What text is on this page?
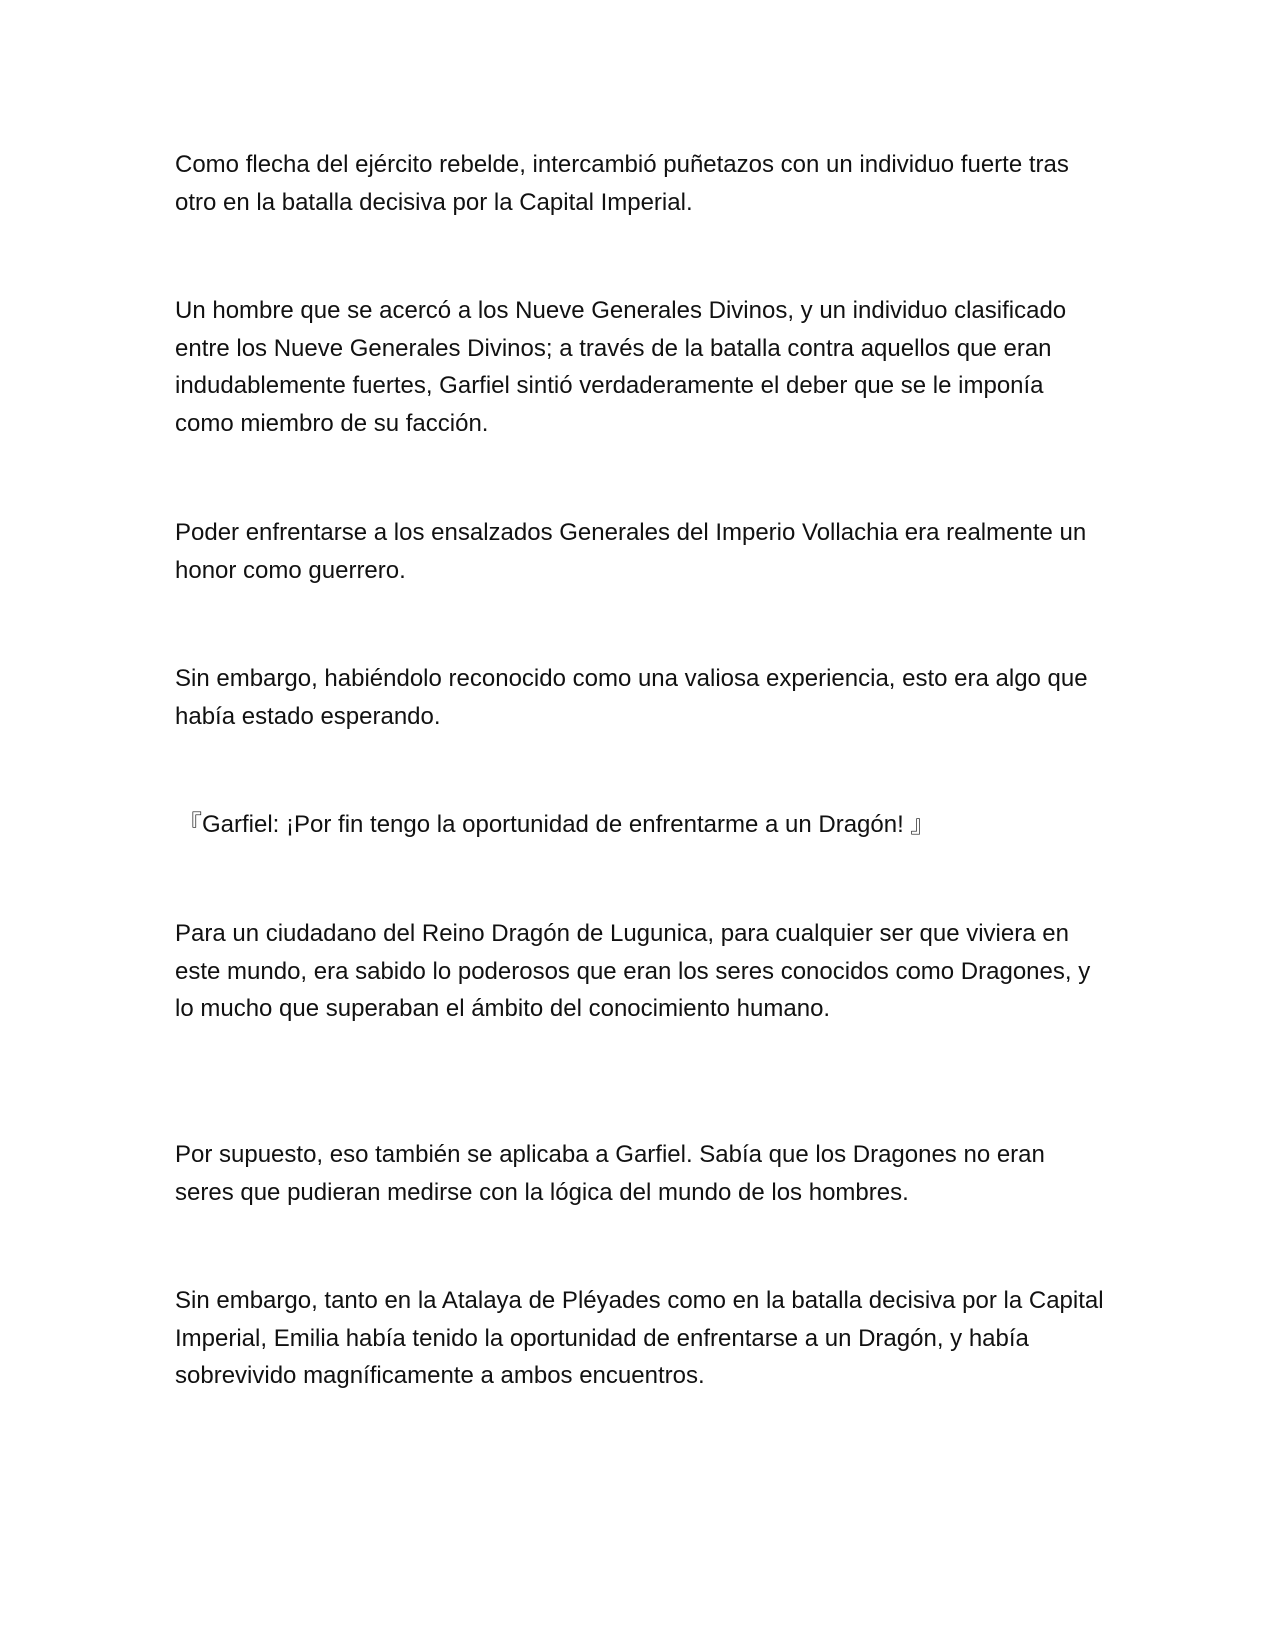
Como flecha del ejército rebelde, intercambió puñetazos con un individuo fuerte tras otro en la batalla decisiva por la Capital Imperial.

Un hombre que se acercó a los Nueve Generales Divinos, y un individuo clasificado entre los Nueve Generales Divinos; a través de la batalla contra aquellos que eran indudablemente fuertes, Garfiel sintió verdaderamente el deber que se le imponía como miembro de su facción.

Poder enfrentarse a los ensalzados Generales del Imperio Vollachia era realmente un honor como guerrero.

Sin embargo, habiéndolo reconocido como una valiosa experiencia, esto era algo que había estado esperando.

『Garfiel: ¡Por fin tengo la oportunidad de enfrentarme a un Dragón! 』

Para un ciudadano del Reino Dragón de Lugunica, para cualquier ser que viviera en este mundo, era sabido lo poderosos que eran los seres conocidos como Dragones, y lo mucho que superaban el ámbito del conocimiento humano.

Por supuesto, eso también se aplicaba a Garfiel. Sabía que los Dragones no eran seres que pudieran medirse con la lógica del mundo de los hombres.

Sin embargo, tanto en la Atalaya de Pléyades como en la batalla decisiva por la Capital Imperial, Emilia había tenido la oportunidad de enfrentarse a un Dragón, y había sobrevivido magníficamente a ambos encuentros.
